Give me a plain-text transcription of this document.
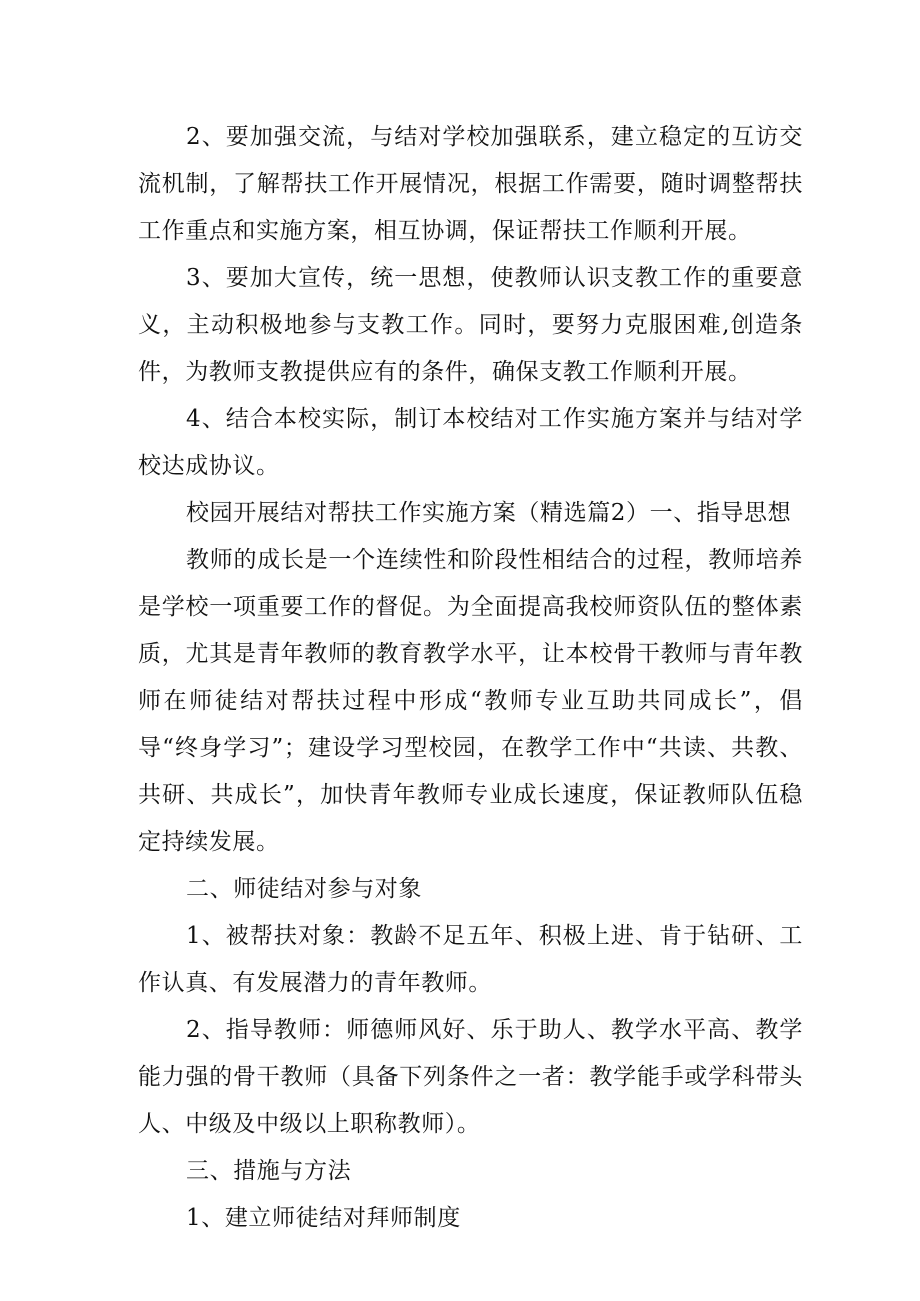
2、要加强交流，与结对学校加强联系，建立稳定的互访交流机制，了解帮扶工作开展情况，根据工作需要，随时调整帮扶工作重点和实施方案，相互协调，保证帮扶工作顺利开展。

3、要加大宣传，统一思想，使教师认识支教工作的重要意义，主动积极地参与支教工作。同时，要努力克服困难,创造条件，为教师支教提供应有的条件，确保支教工作顺利开展。

4、结合本校实际，制订本校结对工作实施方案并与结对学校达成协议。

校园开展结对帮扶工作实施方案（精选篇2）一、指导思想

教师的成长是一个连续性和阶段性相结合的过程，教师培养是学校一项重要工作的督促。为全面提高我校师资队伍的整体素质，尤其是青年教师的教育教学水平，让本校骨干教师与青年教师在师徒结对帮扶过程中形成“教师专业互助共同成长”，倡导“终身学习”；建设学习型校园，在教学工作中“共读、共教、共研、共成长”，加快青年教师专业成长速度，保证教师队伍稳定持续发展。

二、师徒结对参与对象

1、被帮扶对象：教龄不足五年、积极上进、肯于钻研、工作认真、有发展潜力的青年教师。

2、指导教师：师德师风好、乐于助人、教学水平高、教学能力强的骨干教师（具备下列条件之一者：教学能手或学科带头人、中级及中级以上职称教师）。

三、措施与方法

1、建立师徒结对拜师制度
